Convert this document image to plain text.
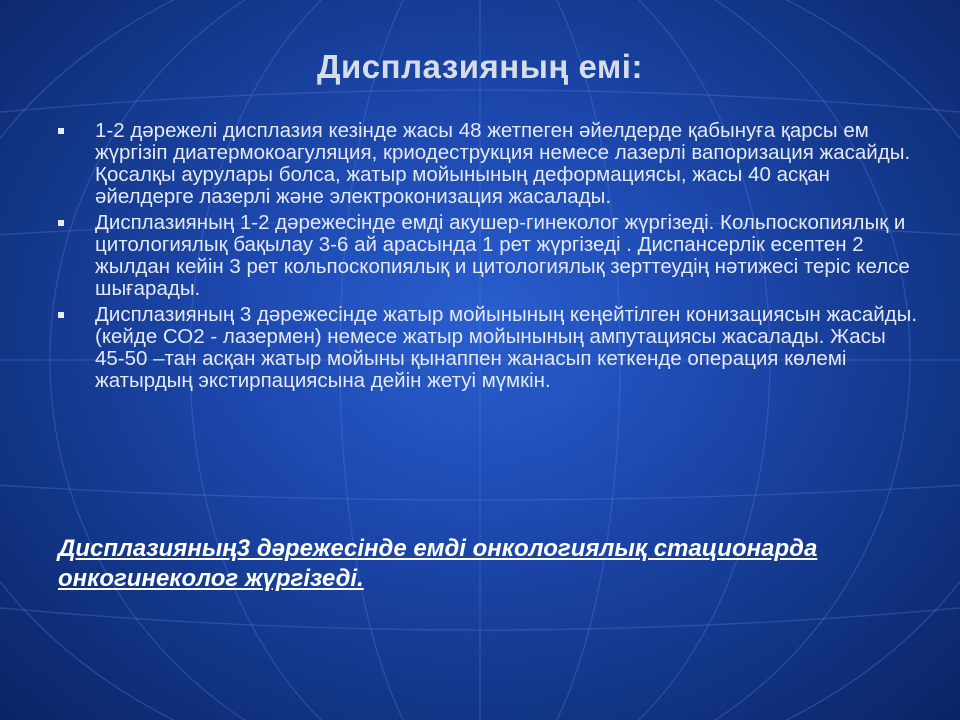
Дисплазияның емі:
1-2 дәрежелі дисплазия кезінде жасы 48 жетпеген әйелдерде қабынуға қарсы ем жүргізіп диатермокоагуляция, криодеструкция немесе лазерлі вапоризация жасайды. Қосалқы аурулары болса, жатыр мойынының деформациясы, жасы 40 асқан әйелдерге лазерлі және электроконизация жасалады.
Дисплазияның 1-2 дәрежесінде емді акушер-гинеколог жүргізеді. Кольпоскопиялық и цитологиялық бақылау 3-6 ай арасында 1 рет жүргізеді . Диспансерлік есептен 2 жылдан кейін 3 рет кольпоскопиялық и цитологиялық зерттеудің нәтижесі теріс келсе шығарады.
Дисплазияның 3 дәрежесінде жатыр мойынының кеңейтілген конизациясын жасайды. (кейде СО2 - лазермен) немесе жатыр мойынының ампутациясы жасалады. Жасы 45-50 –тан асқан жатыр мойыны қынаппен жанасып кеткенде операция көлемі жатырдың экстирпациясына дейін жетуі мүмкін.
Дисплазияның3 дәрежесінде емді онкологиялық стационарда онкогинеколог жүргізеді.
